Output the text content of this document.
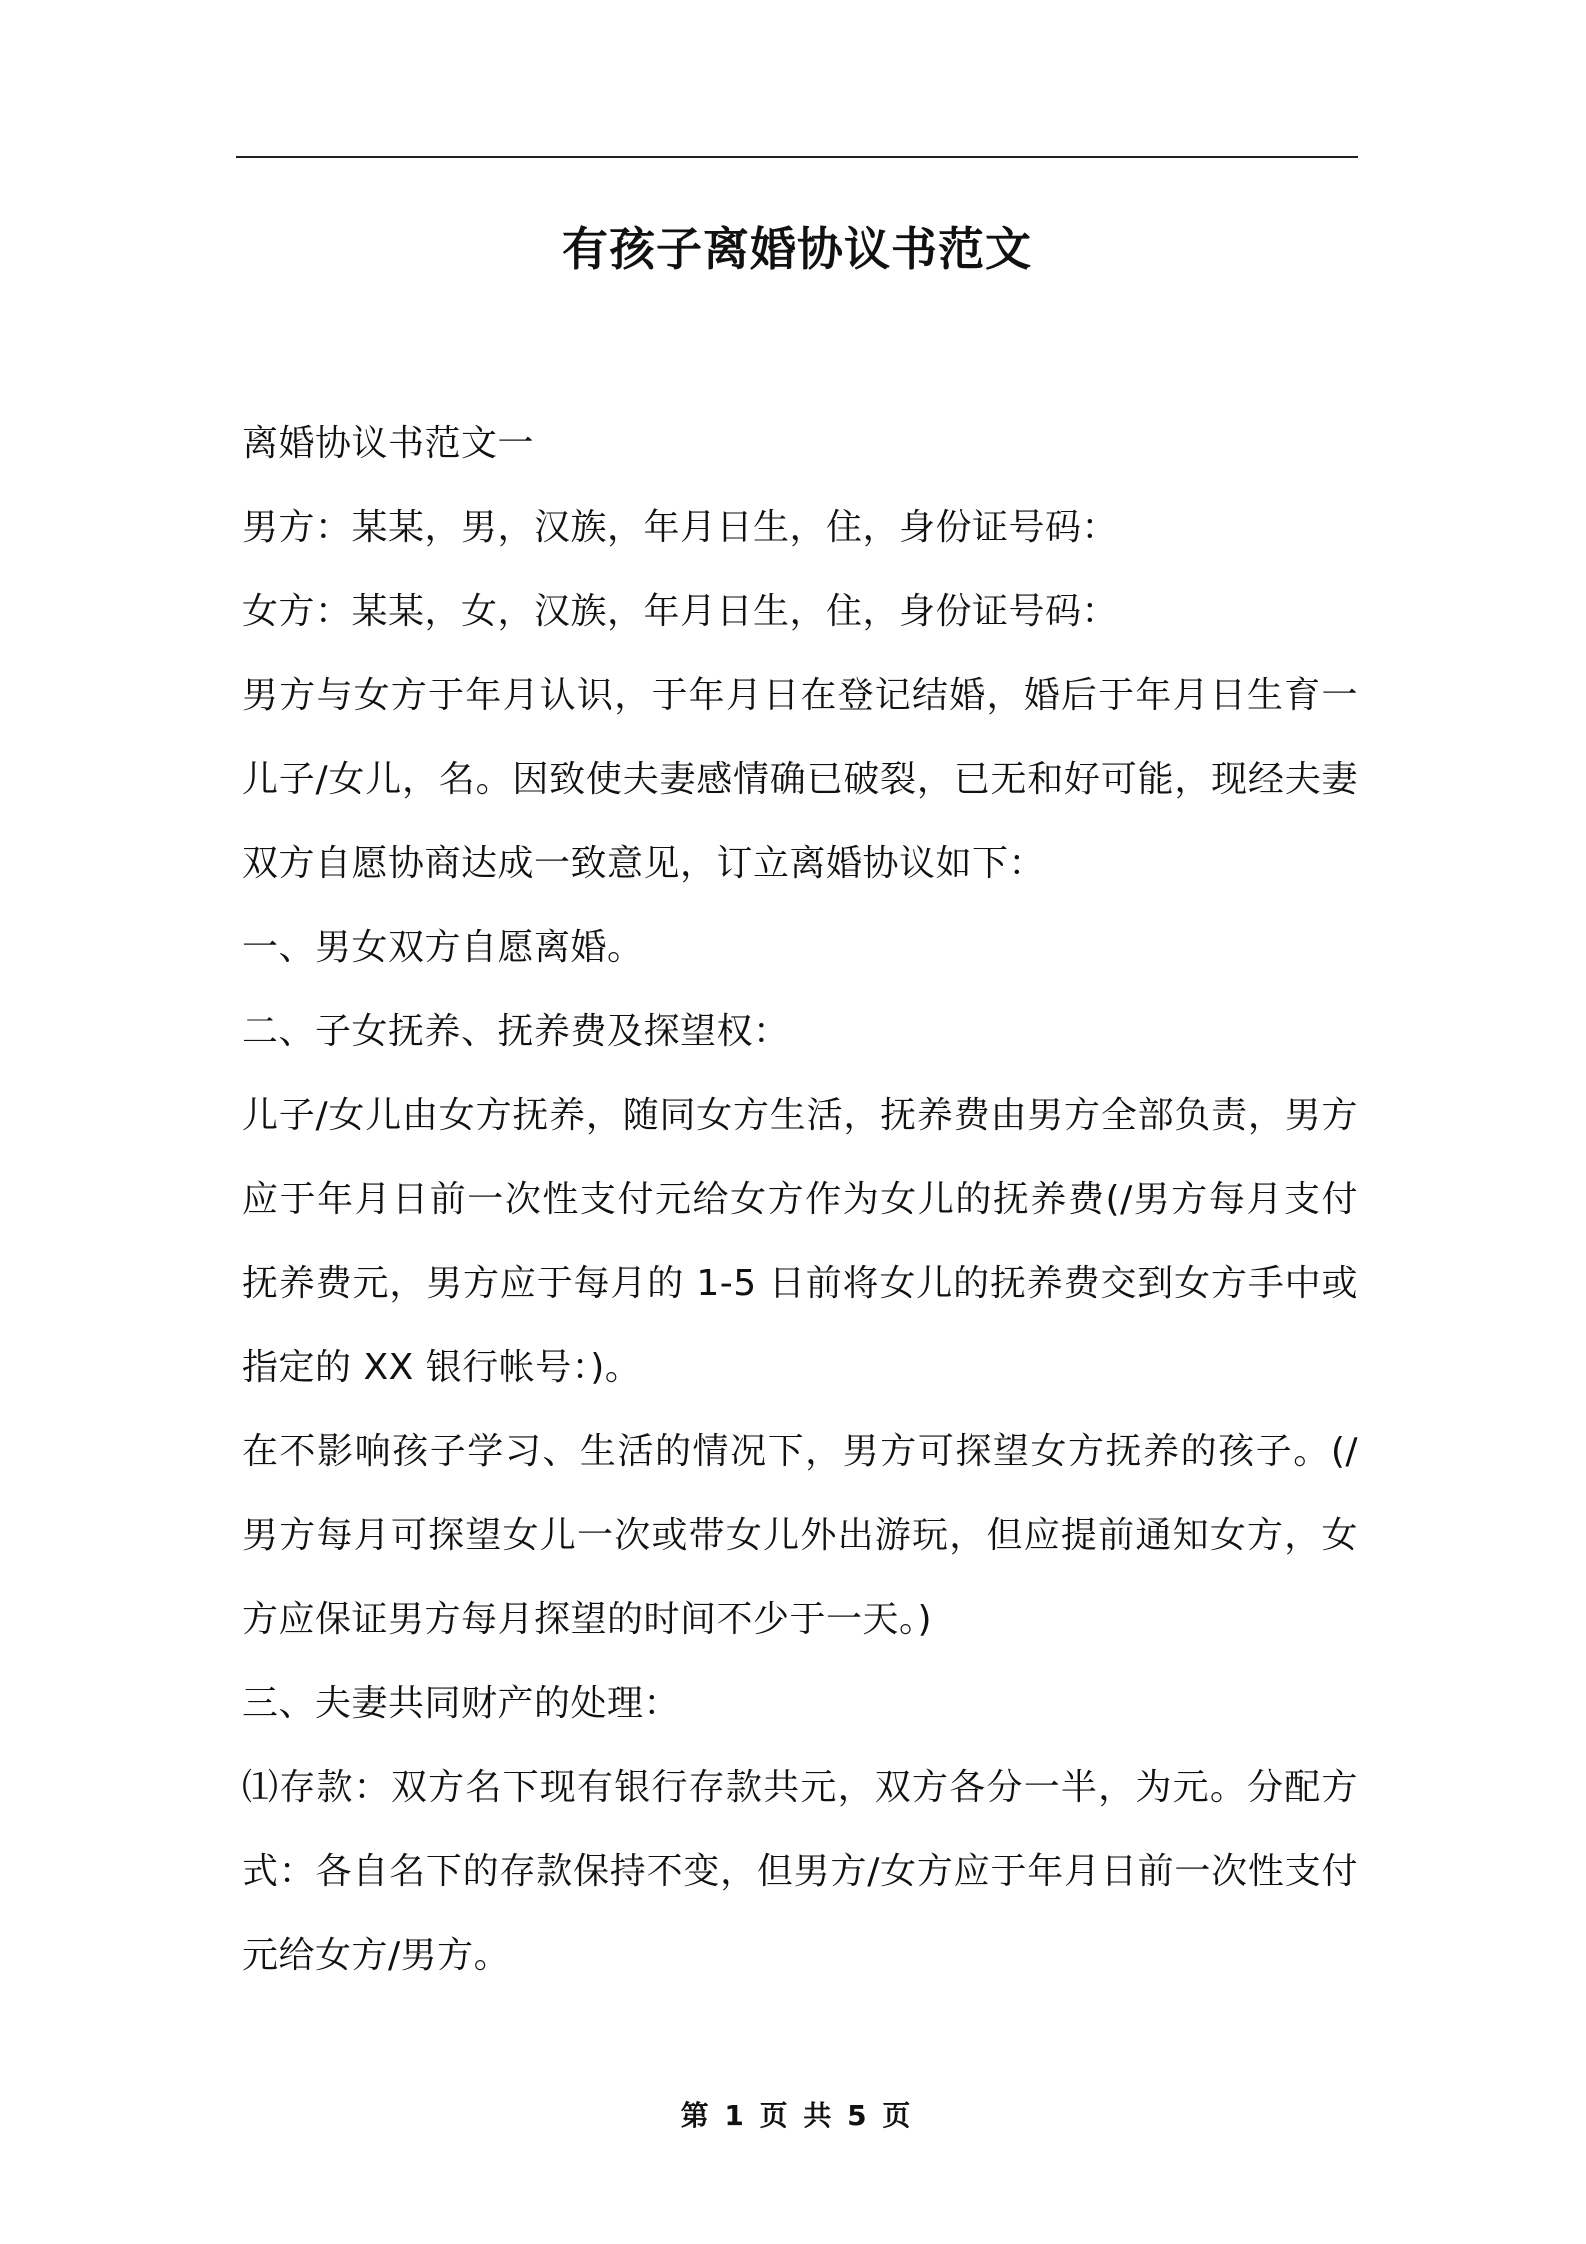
有孩子离婚协议书范文

离婚协议书范文一

男方：某某，男，汉族，年月日生，住，身份证号码：

女方：某某，女，汉族，年月日生，住，身份证号码：

男方与女方于年月认识，于年月日在登记结婚，婚后于年月日生育一儿子/女儿，名。因致使夫妻感情确已破裂，已无和好可能，现经夫妻双方自愿协商达成一致意见，订立离婚协议如下：

一、男女双方自愿离婚。

二、子女抚养、抚养费及探望权：

儿子/女儿由女方抚养，随同女方生活，抚养费由男方全部负责，男方应于年月日前一次性支付元给女方作为女儿的抚养费(/男方每月支付抚养费元，男方应于每月的 1-5 日前将女儿的抚养费交到女方手中或指定的 XX 银行帐号：)。

在不影响孩子学习、生活的情况下，男方可探望女方抚养的孩子。(/男方每月可探望女儿一次或带女儿外出游玩，但应提前通知女方，女方应保证男方每月探望的时间不少于一天。)

三、夫妻共同财产的处理：

⑴存款：双方名下现有银行存款共元，双方各分一半，为元。分配方式：各自名下的存款保持不变，但男方/女方应于年月日前一次性支付元给女方/男方。

第 1 页 共 5 页
